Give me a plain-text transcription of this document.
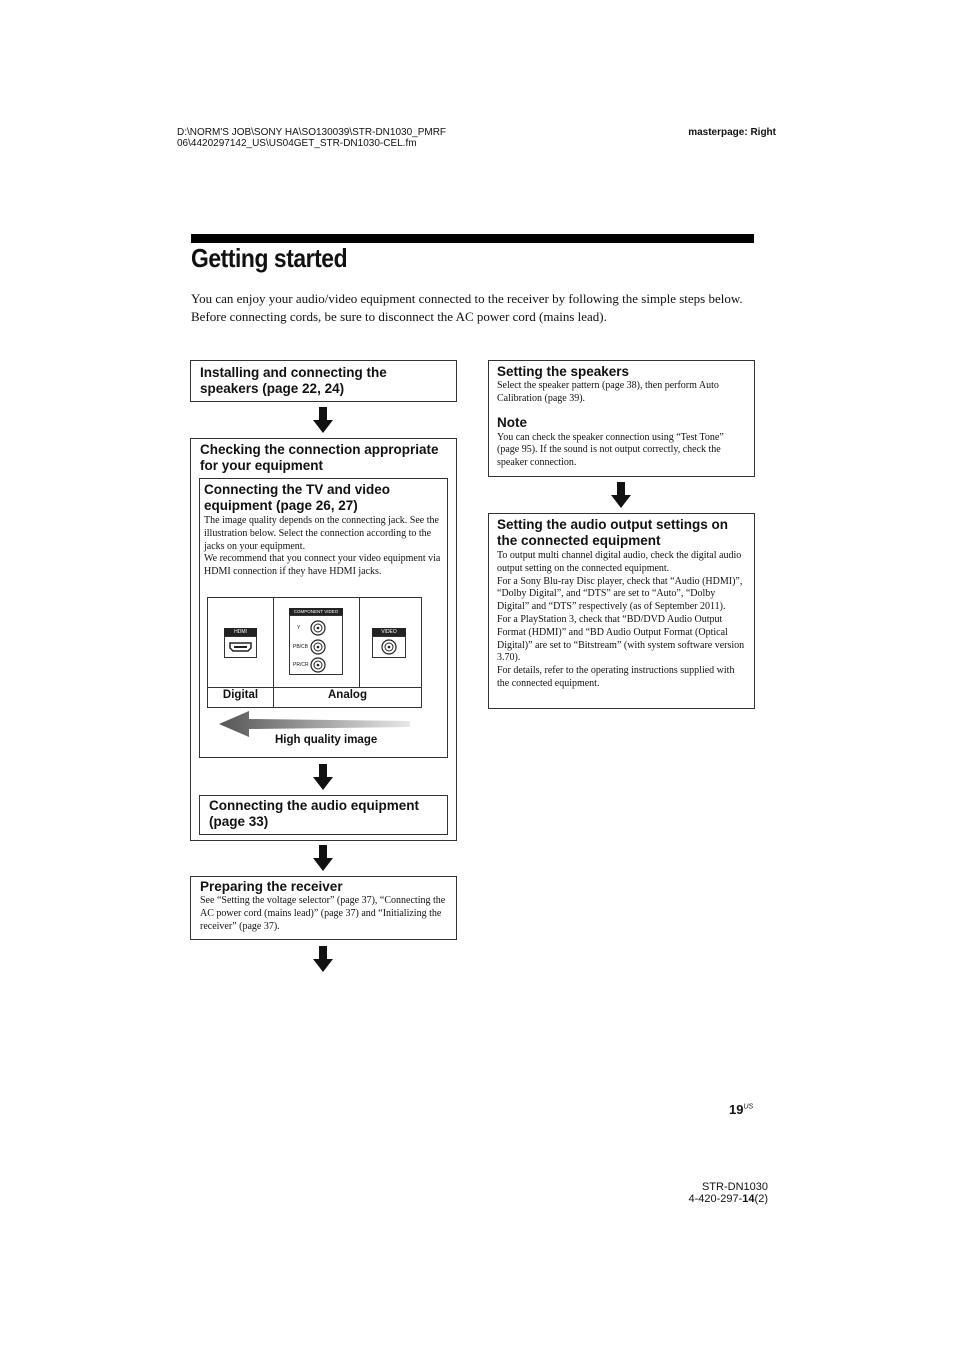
D:\NORM'S JOB\SONY HA\SO130039\STR-DN1030_PMRF
06\4420297142_US\US04GET_STR-DN1030-CEL.fm
masterpage: Right
Getting started
You can enjoy your audio/video equipment connected to the receiver by following the simple steps below.
Before connecting cords, be sure to disconnect the AC power cord (mains lead).
Installing and connecting the speakers (page 22, 24)
Checking the connection appropriate for your equipment
Connecting the TV and video equipment (page 26, 27)
The image quality depends on the connecting jack. See the illustration below. Select the connection according to the jacks on your equipment.
We recommend that you connect your video equipment via HDMI connection if they have HDMI jacks.
HDMI
COMPONENT VIDEO
Y
PB/CB
PR/CR
VIDEO
Digital	Analog
High quality image
Connecting the audio equipment (page 33)
Preparing the receiver
See “Setting the voltage selector” (page 37), “Connecting the AC power cord (mains lead)” (page 37) and “Initializing the receiver” (page 37).
Setting the speakers
Select the speaker pattern (page 38), then perform Auto Calibration (page 39).
Note
You can check the speaker connection using “Test Tone” (page 95). If the sound is not output correctly, check the speaker connection.
Setting the audio output settings on the connected equipment
To output multi channel digital audio, check the digital audio output setting on the connected equipment.
For a Sony Blu-ray Disc player, check that “Audio (HDMI)”, “Dolby Digital”, and “DTS” are set to “Auto”, “Dolby Digital” and “DTS” respectively (as of September 2011).
For a PlayStation 3, check that “BD/DVD Audio Output Format (HDMI)” and “BD Audio Output Format (Optical Digital)” are set to “Bitstream” (with system software version 3.70).
For details, refer to the operating instructions supplied with the connected equipment.
$19^{US}$
STR-DN1030
4-420-297-14(2)
